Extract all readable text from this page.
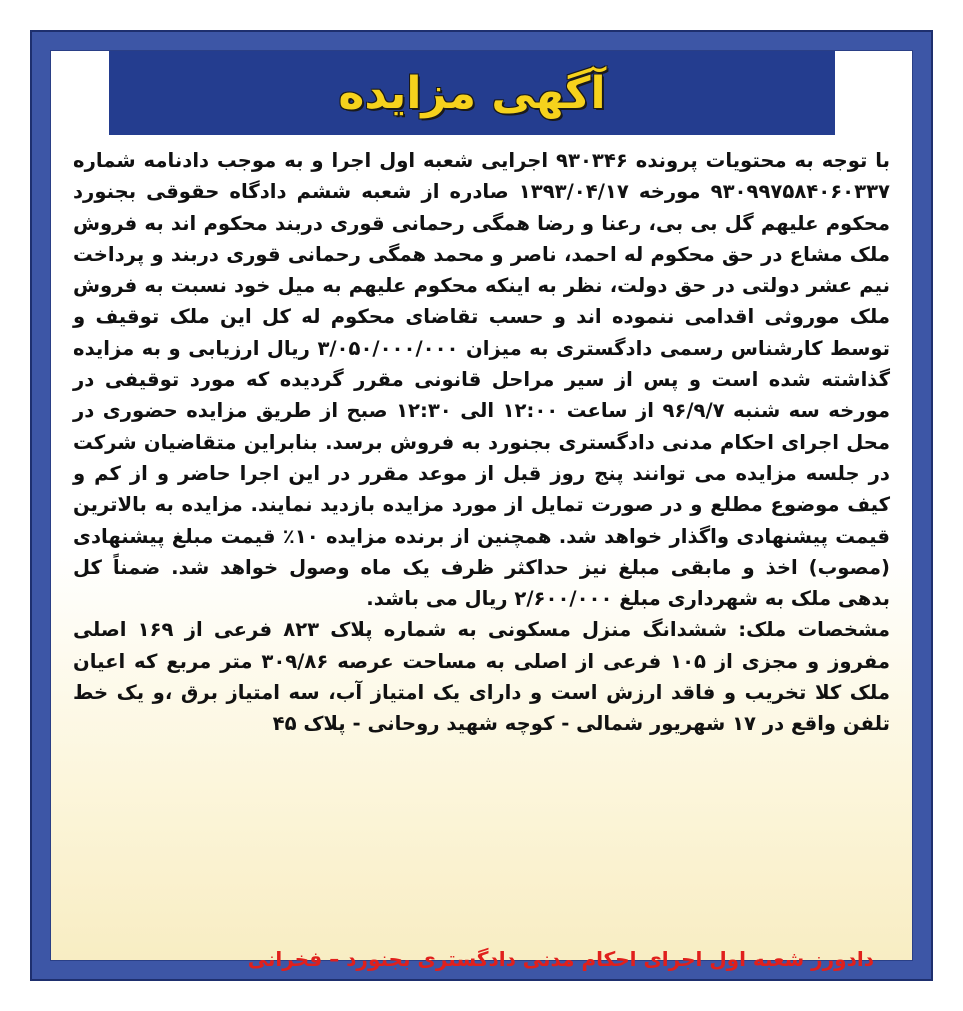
آگهی مزایده

با توجه به محتویات پرونده ۹۳۰۳۴۶ اجرایی شعبه اول اجرا و به موجب دادنامه شماره ۹۳۰۹۹۷۵۸۴۰۶۰۳۳۷ مورخه ۱۳۹۳/۰۴/۱۷ صادره از شعبه ششم دادگاه حقوقی بجنورد محکوم علیهم گل بی بی، رعنا و رضا همگی رحمانی قوری دربند محکوم اند به فروش ملک مشاع در حق محکوم له احمد، ناصر و محمد همگی رحمانی قوری دربند و پرداخت نیم عشر دولتی در حق دولت، نظر به اینکه محکوم علیهم به میل خود نسبت به فروش ملک موروثی اقدامی ننموده اند و حسب تقاضای محکوم له کل این ملک توقیف و توسط کارشناس رسمی دادگستری به میزان ۳/۰۵۰/۰۰۰/۰۰۰ ریال ارزیابی و به مزایده گذاشته شده است و پس از سیر مراحل قانونی مقرر گردیده که مورد توقیفی در مورخه سه شنبه ۹۶/۹/۷ از ساعت ۱۲:۰۰ الی ۱۲:۳۰ صبح از طریق مزایده حضوری در محل اجرای احکام مدنی دادگستری بجنورد به فروش برسد. بنابراین متقاضیان شرکت در جلسه مزایده می توانند پنج روز قبل از موعد مقرر در این اجرا حاضر و از کم و کیف موضوع مطلع و در صورت تمایل از مورد مزایده بازدید نمایند. مزایده به بالاترین قیمت پیشنهادی واگذار خواهد شد. همچنین از برنده مزایده ۱۰٪ قیمت مبلغ پیشنهادی (مصوب) اخذ و مابقی مبلغ نیز حداکثر ظرف یک ماه وصول خواهد شد. ضمناً کل بدهی ملک به شهرداری مبلغ ۲/۶۰۰/۰۰۰ ریال می باشد.

مشخصات ملک: ششدانگ منزل مسکونی به شماره پلاک ۸۲۳ فرعی از ۱۶۹ اصلی مفروز و مجزی از ۱۰۵ فرعی از اصلی به مساحت عرصه ۳۰۹/۸۶ متر مربع که اعیان ملک کلا تخریب و فاقد ارزش است و دارای یک امتیاز آب، سه امتیاز برق ،و یک خط تلفن واقع در ۱۷ شهریور شمالی - کوچه شهید روحانی - پلاک ۴۵

دادورز شعبه اول اجرای احکام مدنی دادگستری بجنورد – فخرانی
